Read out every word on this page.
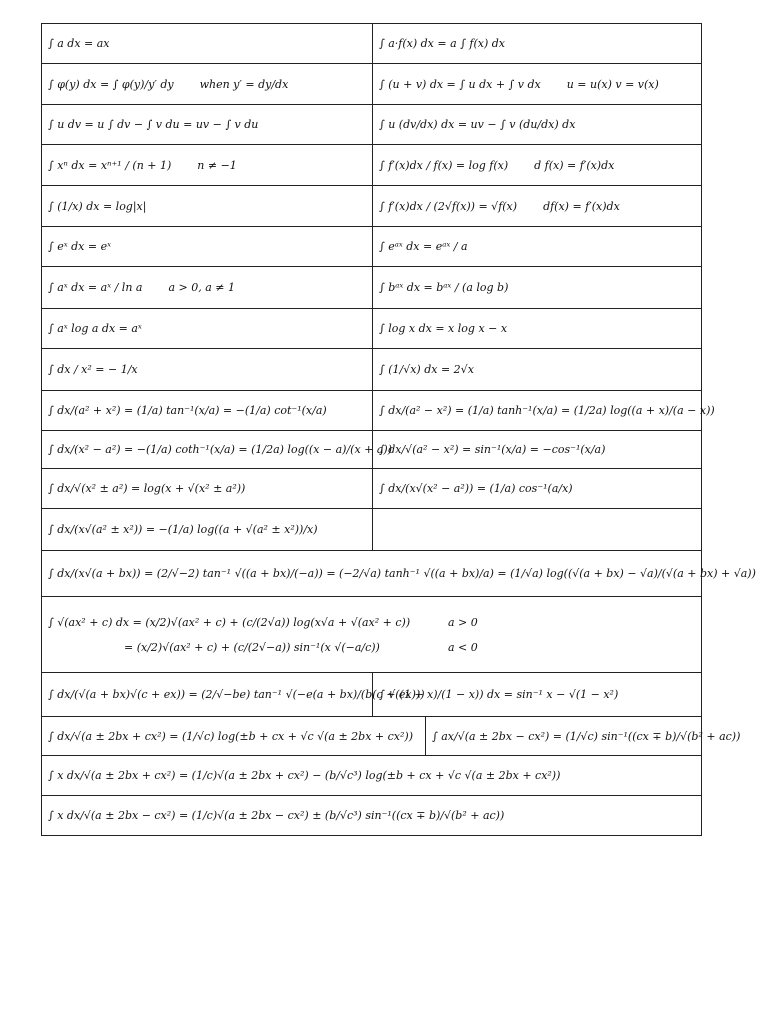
∫ a dx = ax	∫ a·f(x) dx = a ∫ f(x) dx
∫ φ(y) dx = ∫ φ(y)/y′ dy when y′ = dy/dx	∫ (u + v) dx = ∫ u dx + ∫ v dx u = u(x) v = v(x)
∫ u dv = u ∫ dv − ∫ v du = uv − ∫ v du	∫ u (dv/dx) dx = uv − ∫ v (du/dx) dx
∫ xⁿ dx = xⁿ⁺¹ / (n + 1) n ≠ −1	∫ f′(x)dx / f(x) = log f(x) d f(x) = f′(x)dx
∫ (1/x) dx = log|x|	∫ f′(x)dx / (2√f(x)) = √f(x) df(x) = f′(x)dx
∫ eˣ dx = eˣ	∫ eᵃˣ dx = eᵃˣ / a
∫ aˣ dx = aˣ / ln a a > 0, a ≠ 1	∫ bᵃˣ dx = bᵃˣ / (a log b)
∫ aˣ log a dx = aˣ	∫ log x dx = x log x − x
∫ dx / x² = − 1/x	∫ (1/√x) dx = 2√x
∫ dx/(a² + x²) = (1/a) tan⁻¹(x/a) = −(1/a) cot⁻¹(x/a)	∫ dx/(a² − x²) = (1/a) tanh⁻¹(x/a) = (1/2a) log((a + x)/(a − x))
∫ dx/(x² − a²) = −(1/a) coth⁻¹(x/a) = (1/2a) log((x − a)/(x + a))	∫ dx/√(a² − x²) = sin⁻¹(x/a) = −cos⁻¹(x/a)
∫ dx/√(x² ± a²) = log(x + √(x² ± a²))	∫ dx/(x√(x² − a²)) = (1/a) cos⁻¹(a/x)
∫ dx/(x√(a² ± x²)) = −(1/a) log((a + √(a² ± x²))/x)	
∫ dx/(x√(a + bx)) = (2/√−2) tan⁻¹ √((a + bx)/(−a)) = (−2/√a) tanh⁻¹ √((a + bx)/a) = (1/√a) log((√(a + bx) − √a)/(√(a + bx) + √a))	

∫ √(ax² + c) dx = (x/2)√(ax² + c) + (c/(2√a)) log(x√a + √(ax² + c)) a > 0
= (x/2)√(ax² + c) + (c/(2√−a)) sin⁻¹(x √(−a/c)) a < 0	
∫ dx/(√(a + bx)√(c + ex)) = (2/√−be) tan⁻¹ √(−e(a + bx)/(b(c + ex)))	∫ √((1 + x)/(1 − x)) dx = sin⁻¹ x − √(1 − x²)
∫ dx/√(a ± 2bx + cx²) = (1/√c) log(±b + cx + √c √(a ± 2bx + cx²))	∫ ax/√(a ± 2bx − cx²) = (1/√c) sin⁻¹((cx ∓ b)/√(b² + ac))
∫ x dx/√(a ± 2bx + cx²) = (1/c)√(a ± 2bx + cx²) − (b/√c³) log(±b + cx + √c √(a ± 2bx + cx²))
∫ x dx/√(a ± 2bx − cx²) = (1/c)√(a ± 2bx − cx²) ± (b/√c³) sin⁻¹((cx ∓ b)/√(b² + ac))
